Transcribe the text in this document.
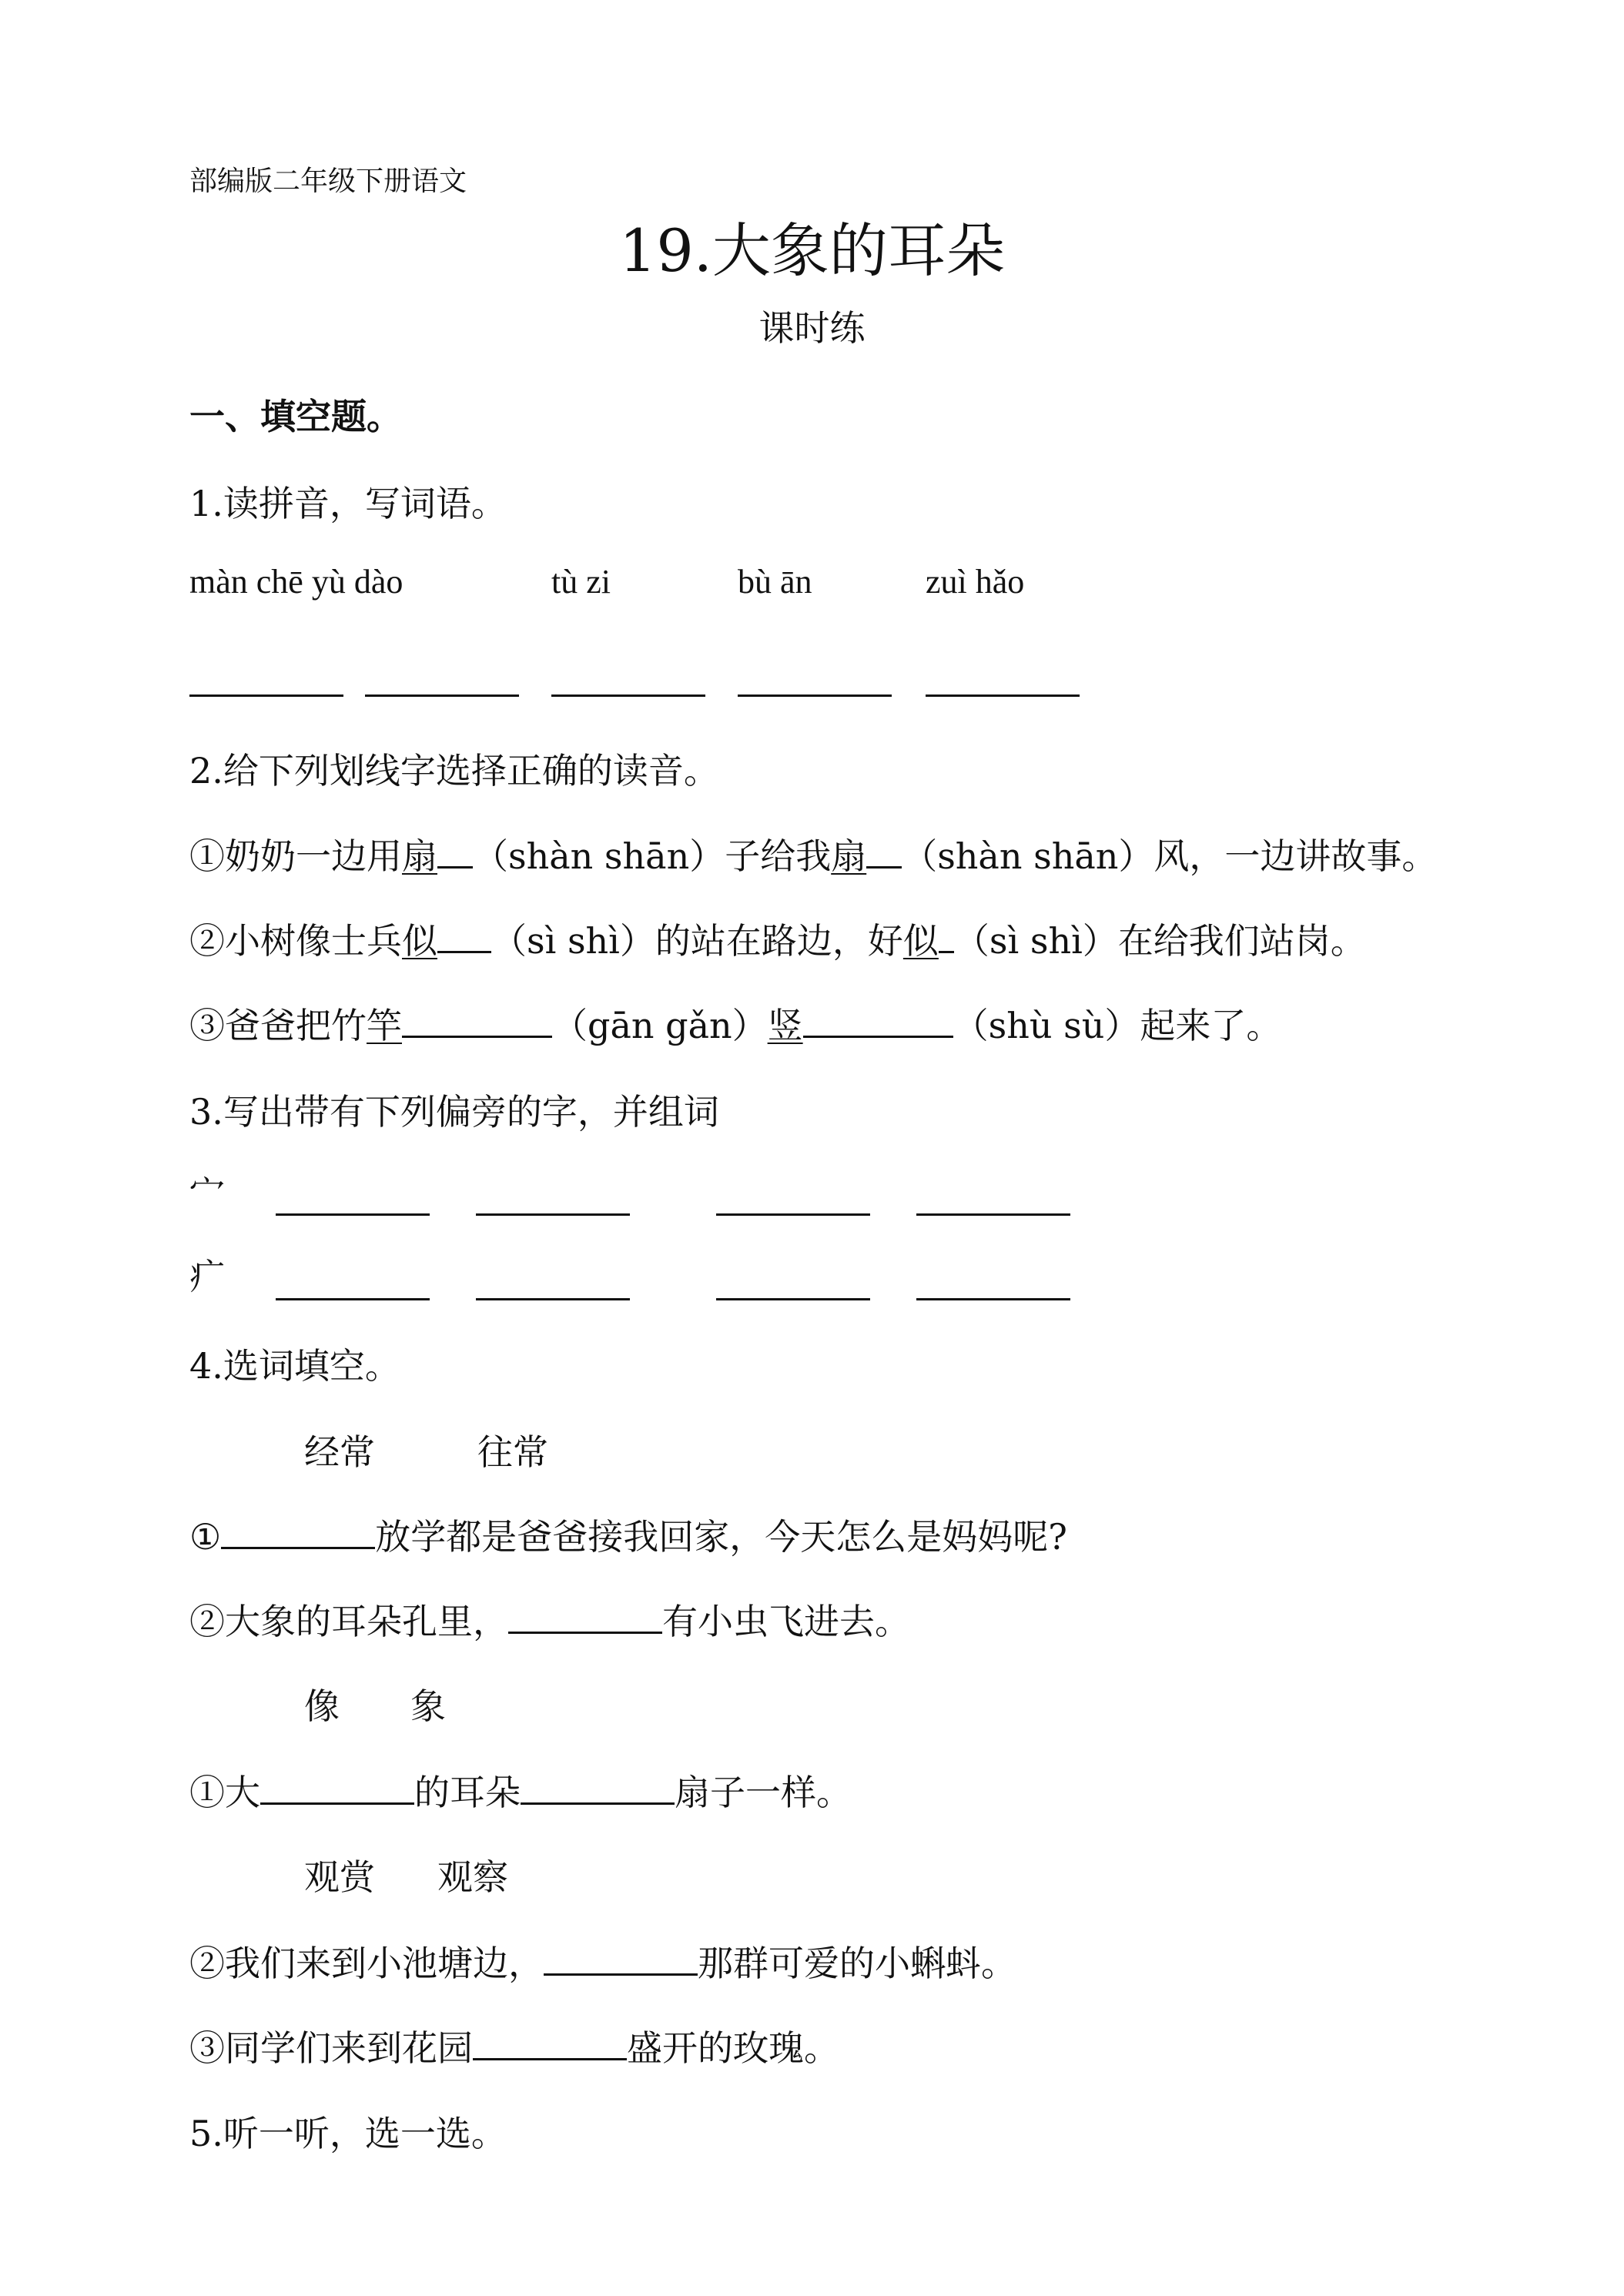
部编版二年级下册语文
19.大象的耳朵
课时练
一、填空题。
1.读拼音，写词语。
màn chē yù dào	tù zi	bù ān	zuì hǎo
2.给下列划线字选择正确的读音。
①奶奶一边用扇 （shàn shān）子给我扇 （shàn shān）风，一边讲故事。
②小树像士兵似 （sì shì）的站在路边，好似 （sì shì）在给我们站岗。
③爸爸把竹竿	（gān gǎn）竖	（shù sù）起来了。
3.写出带有下列偏旁的字，并组词
宀
疒
4.选词填空。
经常	往常
①	放学都是爸爸接我回家，今天怎么是妈妈呢?
②大象的耳朵孔里，	有小虫飞进去。
像 象
①大	的耳朵	扇子一样。
观赏 观察
②我们来到小池塘边，	那群可爱的小蝌蚪。
③同学们来到花园	盛开的玫瑰。
5.听一听，选一选。
